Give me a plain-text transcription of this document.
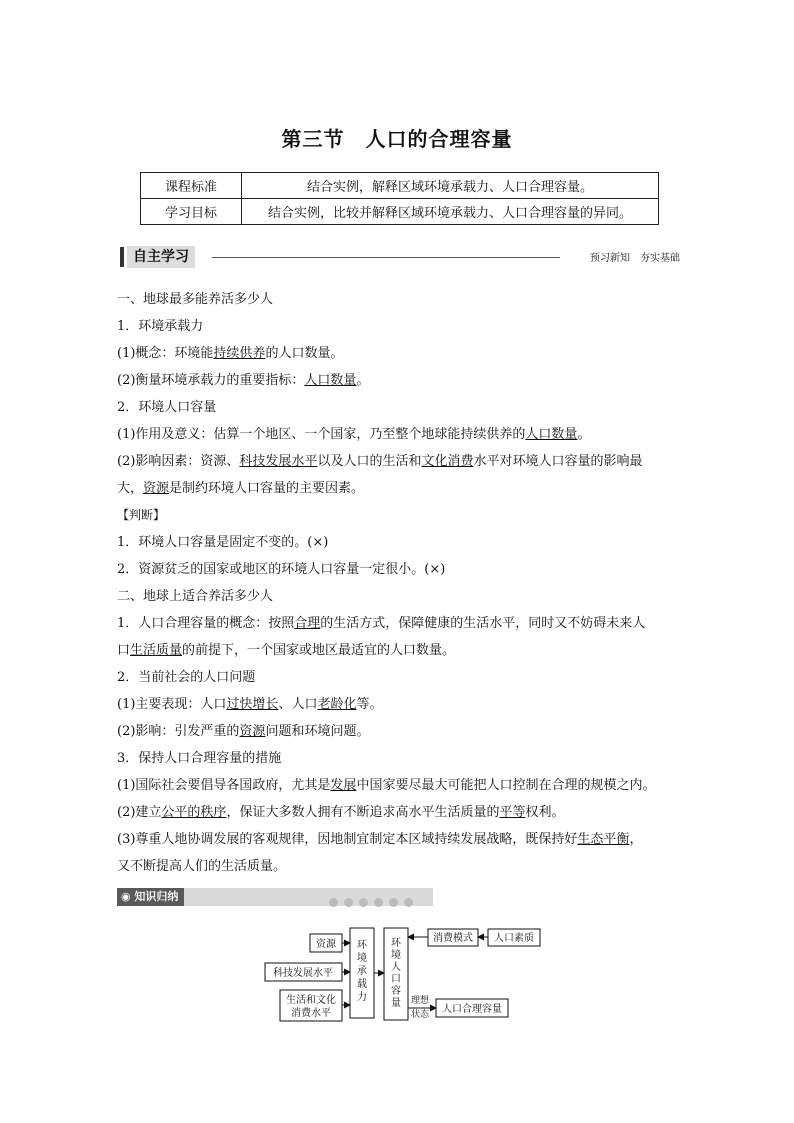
第三节　人口的合理容量
课程标准	结合实例，解释区域环境承载力、人口合理容量。
学习目标	结合实例，比较并解释区域环境承载力、人口合理容量的异同。
自主学习	预习新知　夯实基础
一、地球最多能养活多少人
1．环境承载力
(1)概念：环境能持续供养的人口数量。
(2)衡量环境承载力的重要指标：人口数量。
2．环境人口容量
(1)作用及意义：估算一个地区、一个国家，乃至整个地球能持续供养的人口数量。
(2)影响因素：资源、科技发展水平以及人口的生活和文化消费水平对环境人口容量的影响最
大，资源是制约环境人口容量的主要因素。
【判断】
1．环境人口容量是固定不变的。(×)
2．资源贫乏的国家或地区的环境人口容量一定很小。(×)
二、地球上适合养活多少人
1．人口合理容量的概念：按照合理的生活方式，保障健康的生活水平，同时又不妨碍未来人
口生活质量的前提下，一个国家或地区最适宜的人口数量。
2．当前社会的人口问题
(1)主要表现：人口过快增长、人口老龄化等。
(2)影响：引发严重的资源问题和环境问题。
3．保持人口合理容量的措施
(1)国际社会要倡导各国政府，尤其是发展中国家要尽最大可能把人口控制在合理的规模之内。
(2)建立公平的秩序，保证大多数人拥有不断追求高水平生活质量的平等权利。
(3)尊重人地协调发展的客观规律，因地制宜制定本区域持续发展战略，既保持好生态平衡，
又不断提高人们的生活质量。
◉ 知识归纳
资源
科技发展水平
生活和文化
消费水平
环
境
承
载
力
环
境
人
口
容
量
消费模式 人口素质
理想
状态 人口合理容量
